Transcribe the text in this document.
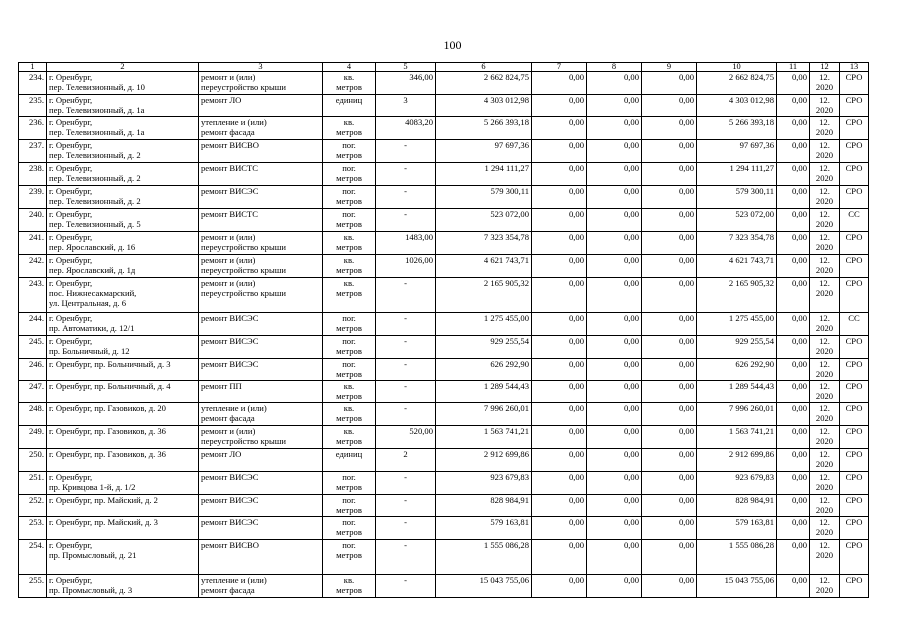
100
1	2	3	4	5	6	7	8	9	10	11	12	13
234.	г. Оренбург,
пер. Телевизионный, д. 10	ремонт и (или)
переустройство крыши	кв.
метров	346,00	2 662 824,75	0,00	0,00	0,00	2 662 824,75	0,00	12.
2020	СРО
235.	г. Оренбург,
пер. Телевизионный, д. 1а	ремонт ЛО	единиц	3	4 303 012,98	0,00	0,00	0,00	4 303 012,98	0,00	12.
2020	СРО
236.	г. Оренбург,
пер. Телевизионный, д. 1а	утепление и (или)
ремонт фасада	кв.
метров	4083,20	5 266 393,18	0,00	0,00	0,00	5 266 393,18	0,00	12.
2020	СРО
237.	г. Оренбург,
пер. Телевизионный, д. 2	ремонт ВИСВО	пог.
метров	-	97 697,36	0,00	0,00	0,00	97 697,36	0,00	12.
2020	СРО
238.	г. Оренбург,
пер. Телевизионный, д. 2	ремонт ВИСТС	пог.
метров	-	1 294 111,27	0,00	0,00	0,00	1 294 111,27	0,00	12.
2020	СРО
239.	г. Оренбург,
пер. Телевизионный, д. 2	ремонт ВИСЭС	пог.
метров	-	579 300,11	0,00	0,00	0,00	579 300,11	0,00	12.
2020	СРО
240.	г. Оренбург,
пер. Телевизионный, д. 5	ремонт ВИСТС	пог.
метров	-	523 072,00	0,00	0,00	0,00	523 072,00	0,00	12.
2020	СС
241.	г. Оренбург,
пер. Ярославский, д. 16	ремонт и (или)
переустройство крыши	кв.
метров	1483,00	7 323 354,78	0,00	0,00	0,00	7 323 354,78	0,00	12.
2020	СРО
242.	г. Оренбург,
пер. Ярославский, д. 1д	ремонт и (или)
переустройство крыши	кв.
метров	1026,00	4 621 743,71	0,00	0,00	0,00	4 621 743,71	0,00	12.
2020	СРО
243.	г. Оренбург,
пос. Нижнесакмарский,
ул. Центральная, д. 6	ремонт и (или)
переустройство крыши	кв.
метров	-	2 165 905,32	0,00	0,00	0,00	2 165 905,32	0,00	12.
2020	СРО
244.	г. Оренбург,
пр. Автоматики, д. 12/1	ремонт ВИСЭС	пог.
метров	-	1 275 455,00	0,00	0,00	0,00	1 275 455,00	0,00	12.
2020	СС
245.	г. Оренбург,
пр. Больничный, д. 12	ремонт ВИСЭС	пог.
метров	-	929 255,54	0,00	0,00	0,00	929 255,54	0,00	12.
2020	СРО
246.	г. Оренбург, пр. Больничный, д. 3	ремонт ВИСЭС	пог.
метров	-	626 292,90	0,00	0,00	0,00	626 292,90	0,00	12.
2020	СРО
247.	г. Оренбург, пр. Больничный, д. 4	ремонт ПП	кв.
метров	-	1 289 544,43	0,00	0,00	0,00	1 289 544,43	0,00	12.
2020	СРО
248.	г. Оренбург, пр. Газовиков, д. 20	утепление и (или)
ремонт фасада	кв.
метров	-	7 996 260,01	0,00	0,00	0,00	7 996 260,01	0,00	12.
2020	СРО
249.	г. Оренбург, пр. Газовиков, д. 36	ремонт и (или)
переустройство крыши	кв.
метров	520,00	1 563 741,21	0,00	0,00	0,00	1 563 741,21	0,00	12.
2020	СРО
250.	г. Оренбург, пр. Газовиков, д. 36	ремонт ЛО	единиц	2	2 912 699,86	0,00	0,00	0,00	2 912 699,86	0,00	12.
2020	СРО
251.	г. Оренбург,
пр. Кривцова 1-й, д. 1/2	ремонт ВИСЭС	пог.
метров	-	923 679,83	0,00	0,00	0,00	923 679,83	0,00	12.
2020	СРО
252.	г. Оренбург, пр. Майский, д. 2	ремонт ВИСЭС	пог.
метров	-	828 984,91	0,00	0,00	0,00	828 984,91	0,00	12.
2020	СРО
253.	г. Оренбург, пр. Майский, д. 3	ремонт ВИСЭС	пог.
метров	-	579 163,81	0,00	0,00	0,00	579 163,81	0,00	12.
2020	СРО
254.	г. Оренбург,
пр. Промысловый, д. 21	ремонт ВИСВО	пог.
метров	-	1 555 086,28	0,00	0,00	0,00	1 555 086,28	0,00	12.
2020	СРО
255.	г. Оренбург,
пр. Промысловый, д. 3	утепление и (или)
ремонт фасада	кв.
метров	-	15 043 755,06	0,00	0,00	0,00	15 043 755,06	0,00	12.
2020	СРО
